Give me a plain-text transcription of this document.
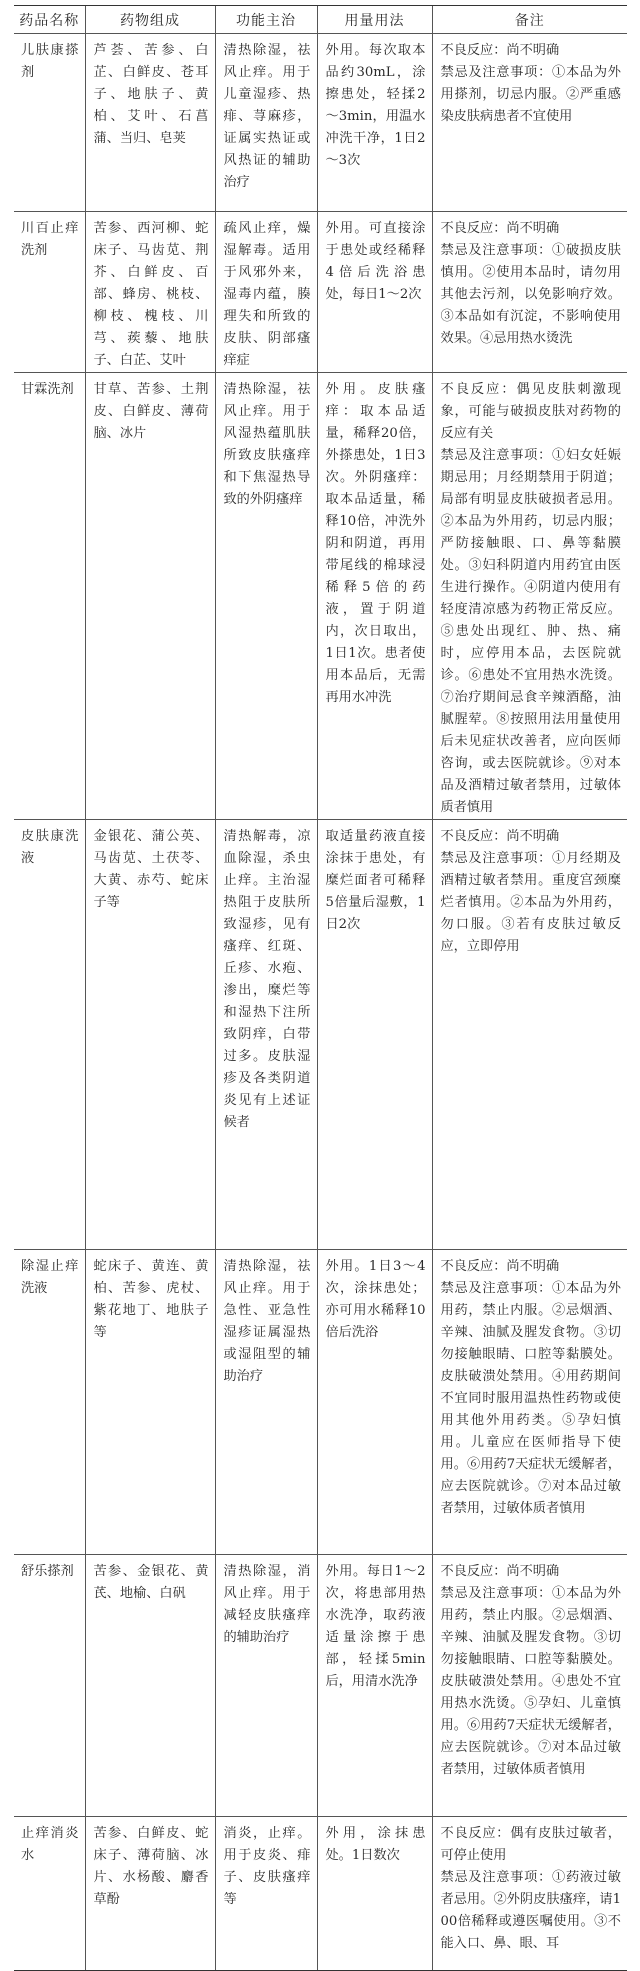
药品名称	药物组成	功能主治	用量用法	备注
儿肤康搽剂	芦荟、苦参、白芷、白鲜皮、苍耳子、地肤子、黄柏、艾叶、石菖蒲、当归、皂荚	清热除湿，祛风止痒。用于儿童湿疹、热痱、荨麻疹，证属实热证或风热证的辅助治疗	外用。每次取本品约30mL，涂擦患处，轻揉2～3min，用温水冲洗干净，1日2～3次	不良反应：尚不明确
禁忌及注意事项：①本品为外用搽剂，切忌内服。②严重感染皮肤病患者不宜使用

川百止痒洗剂	苦参、西河柳、蛇床子、马齿苋、荆芥、白鲜皮、百部、蜂房、桃枝、柳枝、槐枝、川芎、蒺藜、地肤子、白芷、艾叶	疏风止痒，燥湿解毒。适用于风邪外来，湿毒内蕴，腠理失和所致的皮肤、阴部瘙痒症	外用。可直接涂于患处或经稀释4倍后洗浴患处，每日1～2次	不良反应：尚不明确
禁忌及注意事项：①破损皮肤慎用。②使用本品时，请勿用其他去污剂，以免影响疗效。③本品如有沉淀，不影响使用效果。④忌用热水烫洗

甘霖洗剂	甘草、苦参、土荆皮、白鲜皮、薄荷脑、冰片	清热除湿，祛风止痒。用于风湿热蕴肌肤所致皮肤瘙痒和下焦湿热导致的外阴瘙痒	外用。皮肤瘙痒：取本品适量，稀释20倍，外搽患处，1日3次。外阴瘙痒：取本品适量，稀释10倍，冲洗外阴和阴道，再用带尾线的棉球浸稀释5倍的药液，置于阴道内，次日取出，1日1次。患者使用本品后，无需再用水冲洗	不良反应：偶见皮肤刺激现象，可能与破损皮肤对药物的反应有关
禁忌及注意事项：①妇女妊娠期忌用；月经期禁用于阴道；局部有明显皮肤破损者忌用。②本品为外用药，切忌内服；严防接触眼、口、鼻等黏膜处。③妇科阴道内用药宜由医生进行操作。④阴道内使用有轻度清凉感为药物正常反应。⑤患处出现红、肿、热、痛时，应停用本品，去医院就诊。⑥患处不宜用热水洗烫。⑦治疗期间忌食辛辣酒酪，油腻腥荤。⑧按照用法用量使用后未见症状改善者，应向医师咨询，或去医院就诊。⑨对本品及酒精过敏者禁用，过敏体质者慎用

皮肤康洗液	金银花、蒲公英、马齿苋、土茯苓、大黄、赤芍、蛇床子等	清热解毒，凉血除湿，杀虫止痒。主治湿热阻于皮肤所致湿疹，见有瘙痒、红斑、丘疹、水疱、渗出，糜烂等和湿热下注所致阴痒，白带过多。皮肤湿疹及各类阴道炎见有上述证候者	取适量药液直接涂抹于患处，有糜烂面者可稀释5倍量后湿敷，1日2次	不良反应：尚不明确
禁忌及注意事项：①月经期及酒精过敏者禁用。重度宫颈糜烂者慎用。②本品为外用药，勿口服。③若有皮肤过敏反应，立即停用

除湿止痒洗液	蛇床子、黄连、黄柏、苦参、虎杖、紫花地丁、地肤子等	清热除湿，祛风止痒。用于急性、亚急性湿疹证属湿热或湿阻型的辅助治疗	外用。1日3～4次，涂抹患处；亦可用水稀释10倍后洗浴	不良反应：尚不明确
禁忌及注意事项：①本品为外用药，禁止内服。②忌烟酒、辛辣、油腻及腥发食物。③切勿接触眼睛、口腔等黏膜处。皮肤破溃处禁用。④用药期间不宜同时服用温热性药物或使用其他外用药类。⑤孕妇慎用。儿童应在医师指导下使用。⑥用药7天症状无缓解者，应去医院就诊。⑦对本品过敏者禁用，过敏体质者慎用

舒乐搽剂	苦参、金银花、黄芪、地榆、白矾	清热除湿，消风止痒。用于减轻皮肤瘙痒的辅助治疗	外用。每日1～2次，将患部用热水洗净，取药液适量涂擦于患部，轻揉5min后，用清水洗净	不良反应：尚不明确
禁忌及注意事项：①本品为外用药，禁止内服。②忌烟酒、辛辣、油腻及腥发食物。③切勿接触眼睛、口腔等黏膜处。皮肤破溃处禁用。④患处不宜用热水洗烫。⑤孕妇、儿童慎用。⑥用药7天症状无缓解者，应去医院就诊。⑦对本品过敏者禁用，过敏体质者慎用

止痒消炎水	苦参、白鲜皮、蛇床子、薄荷脑、冰片、水杨酸、麝香草酚	消炎，止痒。用于皮炎、痱子、皮肤瘙痒等	外用，涂抹患处。1日数次	不良反应：偶有皮肤过敏者，可停止使用
禁忌及注意事项：①药液过敏者忌用。②外阴皮肤瘙痒，请100倍稀释或遵医嘱使用。③不能入口、鼻、眼、耳
